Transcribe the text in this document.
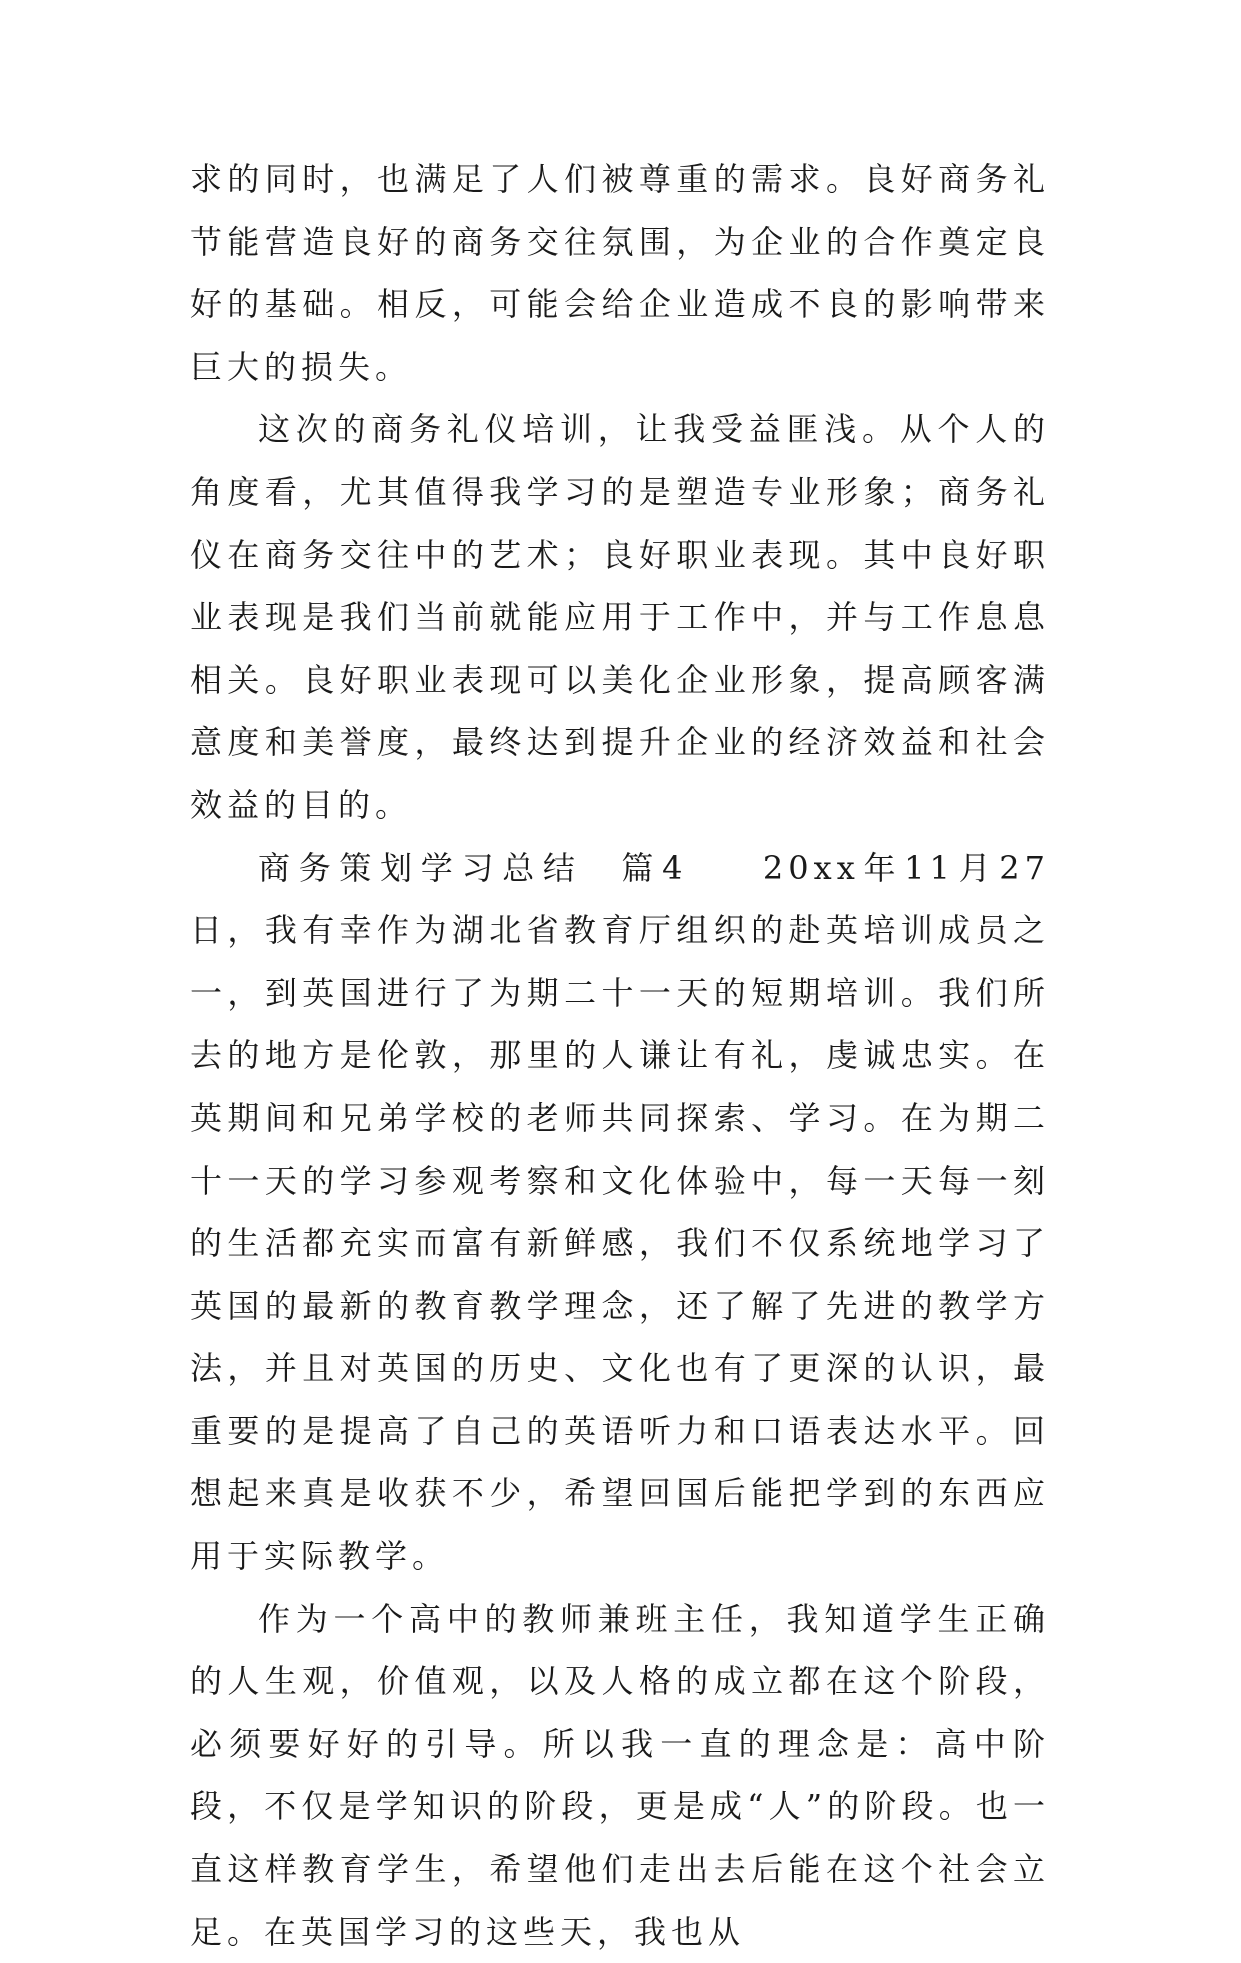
求的同时，也满足了人们被尊重的需求。良好商务礼节能营造良好的商务交往氛围，为企业的合作奠定良好的基础。相反，可能会给企业造成不良的影响带来巨大的损失。

这次的商务礼仪培训，让我受益匪浅。从个人的角度看，尤其值得我学习的是塑造专业形象；商务礼仪在商务交往中的艺术；良好职业表现。其中良好职业表现是我们当前就能应用于工作中，并与工作息息相关。良好职业表现可以美化企业形象，提高顾客满意度和美誉度，最终达到提升企业的经济效益和社会效益的目的。

商务策划学习总结  篇4    20xx年11月27日，我有幸作为湖北省教育厅组织的赴英培训成员之一，到英国进行了为期二十一天的短期培训。我们所去的地方是伦敦，那里的人谦让有礼，虔诚忠实。在英期间和兄弟学校的老师共同探索、学习。在为期二十一天的学习参观考察和文化体验中，每一天每一刻的生活都充实而富有新鲜感，我们不仅系统地学习了英国的最新的教育教学理念，还了解了先进的教学方法，并且对英国的历史、文化也有了更深的认识，最重要的是提高了自己的英语听力和口语表达水平。回想起来真是收获不少，希望回国后能把学到的东西应用于实际教学。

作为一个高中的教师兼班主任，我知道学生正确的人生观，价值观，以及人格的成立都在这个阶段，必须要好好的引导。所以我一直的理念是：高中阶段，不仅是学知识的阶段，更是成“人”的阶段。也一直这样教育学生，希望他们走出去后能在这个社会立足。在英国学习的这些天，我也从
